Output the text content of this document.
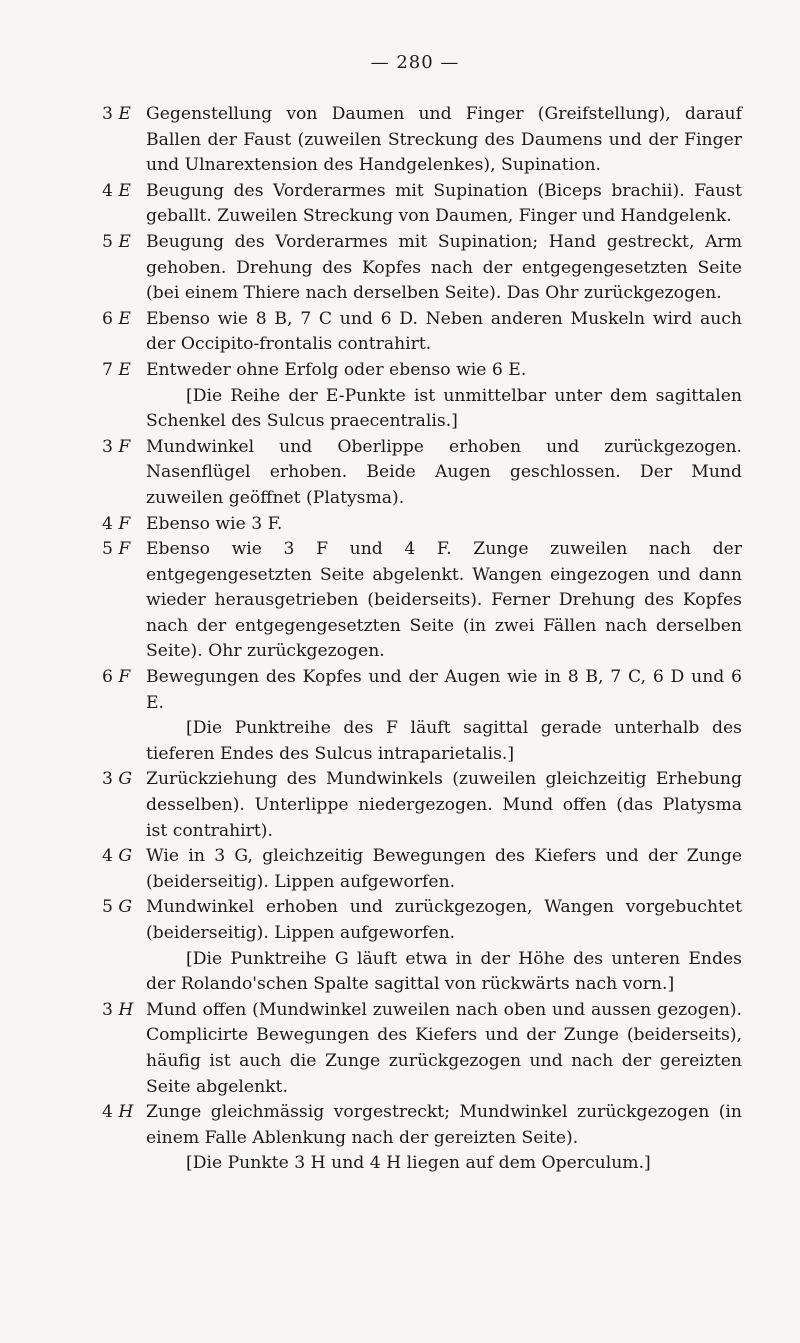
— 280 —
3 E Gegenstellung von Daumen und Finger (Greifstellung), darauf Ballen der Faust (zuweilen Streckung des Daumens und der Finger und Ulnarextension des Handgelenkes), Supination.
4 E Beugung des Vorderarmes mit Supination (Biceps brachii). Faust geballt. Zuweilen Streckung von Daumen, Finger und Handgelenk.
5 E Beugung des Vorderarmes mit Supination; Hand gestreckt, Arm gehoben. Drehung des Kopfes nach der entgegengesetzten Seite (bei einem Thiere nach derselben Seite). Das Ohr zurückgezogen.
6 E Ebenso wie 8 B, 7 C und 6 D. Neben anderen Muskeln wird auch der Occipito-frontalis contrahirt.
7 E Entweder ohne Erfolg oder ebenso wie 6 E.
[Die Reihe der E-Punkte ist unmittelbar unter dem sagittalen Schenkel des Sulcus praecentralis.]
3 F Mundwinkel und Oberlippe erhoben und zurückgezogen. Nasenflügel erhoben. Beide Augen geschlossen. Der Mund zuweilen geöffnet (Platysma).
4 F Ebenso wie 3 F.
5 F Ebenso wie 3 F und 4 F. Zunge zuweilen nach der entgegengesetzten Seite abgelenkt. Wangen eingezogen und dann wieder herausgetrieben (beiderseits). Ferner Drehung des Kopfes nach der entgegengesetzten Seite (in zwei Fällen nach derselben Seite). Ohr zurückgezogen.
6 F Bewegungen des Kopfes und der Augen wie in 8 B, 7 C, 6 D und 6 E.
[Die Punktreihe des F läuft sagittal gerade unterhalb des tieferen Endes des Sulcus intraparietalis.]
3 G Zurückziehung des Mundwinkels (zuweilen gleichzeitig Erhebung desselben). Unterlippe niedergezogen. Mund offen (das Platysma ist contrahirt).
4 G Wie in 3 G, gleichzeitig Bewegungen des Kiefers und der Zunge (beiderseitig). Lippen aufgeworfen.
5 G Mundwinkel erhoben und zurückgezogen, Wangen vorgebuchtet (beiderseitig). Lippen aufgeworfen.
[Die Punktreihe G läuft etwa in der Höhe des unteren Endes der Rolando'schen Spalte sagittal von rückwärts nach vorn.]
3 H Mund offen (Mundwinkel zuweilen nach oben und aussen gezogen). Complicirte Bewegungen des Kiefers und der Zunge (beiderseits), häufig ist auch die Zunge zurückgezogen und nach der gereizten Seite abgelenkt.
4 H Zunge gleichmässig vorgestreckt; Mundwinkel zurückgezogen (in einem Falle Ablenkung nach der gereizten Seite).
[Die Punkte 3 H und 4 H liegen auf dem Operculum.]
